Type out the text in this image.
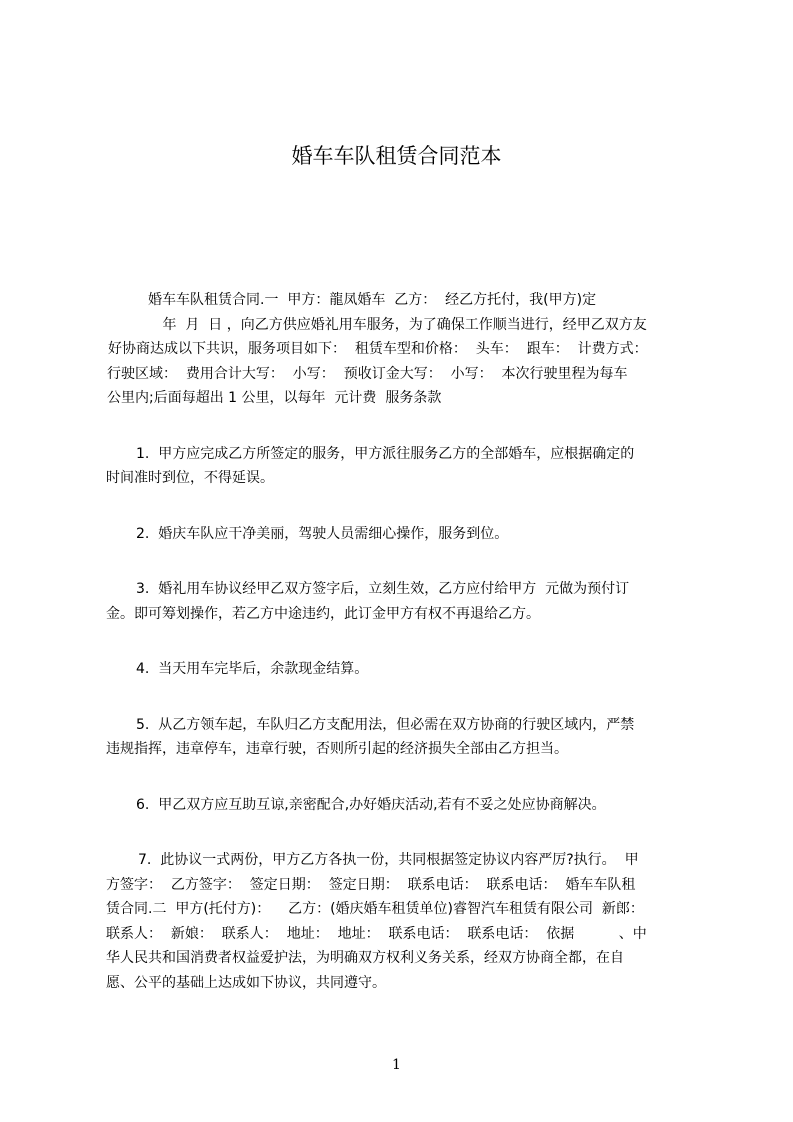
婚车车队租赁合同范本

婚车车队租赁合同.一  甲方：龍凤婚车  乙方：  经乙方托付，我(甲方)定
年  月  日 ，向乙方供应婚礼用车服务，为了确保工作顺当进行，经甲乙双方友
好协商达成以下共识，服务项目如下：  租赁车型和价格：  头车：  跟车：  计费方式：
行驶区域：  费用合计大写：  小写：  预收订金大写：  小写：  本次行驶里程为每车
公里内;后面每超出 1 公里，以每年  元计费  服务条款

1.  甲方应完成乙方所签定的服务，甲方派往服务乙方的全部婚车，应根据确定的
时间准时到位，不得延误。

2.  婚庆车队应干净美丽，驾驶人员需细心操作，服务到位。

3.  婚礼用车协议经甲乙双方签字后，立刻生效，乙方应付给甲方  元做为预付订
金。即可筹划操作，若乙方中途违约，此订金甲方有权不再退给乙方。

4.  当天用车完毕后，余款现金结算。

5.  从乙方领车起，车队归乙方支配用法，但必需在双方协商的行驶区域内，严禁
违规指挥，违章停车，违章行驶，否则所引起的经济损失全部由乙方担当。

6.  甲乙双方应互助互谅,亲密配合,办好婚庆活动,若有不妥之处应协商解决。

7.  此协议一式两份，甲方乙方各执一份，共同根据签定协议内容严厉?执行。  甲
方签字：  乙方签字：  签定日期：  签定日期：  联系电话：  联系电话：  婚车车队租
赁合同.二  甲方(托付方)：    乙方：(婚庆婚车租赁单位)睿智汽车租赁有限公司  新郎：
联系人：  新娘：  联系人：  地址：  地址：  联系电话：  联系电话：  依据          、中
华人民共和国消费者权益爱护法，为明确双方权利义务关系，经双方协商全都，在自
愿、公平的基础上达成如下协议，共同遵守。

1
